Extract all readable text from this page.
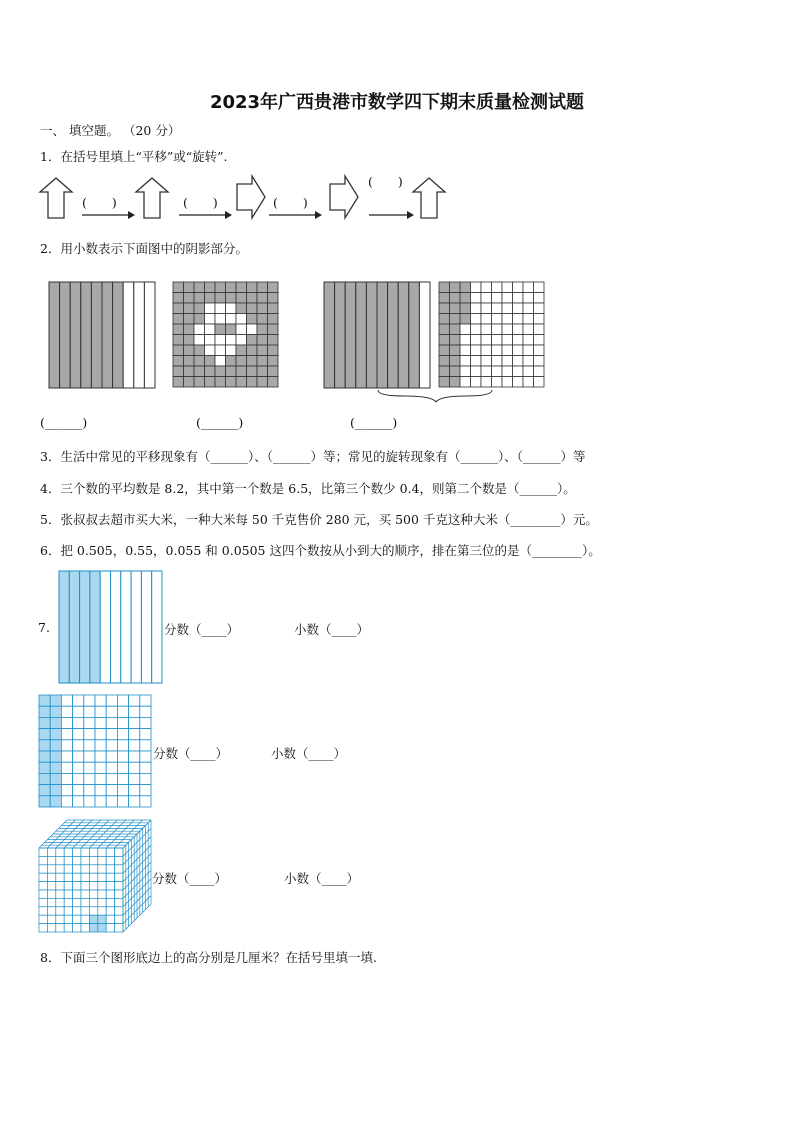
2023年广西贵港市数学四下期末质量检测试题
一、 填空题。 （20 分）
1．在括号里填上“平移”或“旋转”.
(　　)	(　　)	(　　)
(　　)
2．用小数表示下面图中的阴影部分。
(______)	(______)	(______)
3．生活中常见的平移现象有（______）、（______）等；常见的旋转现象有（______）、（______）等
4．三个数的平均数是 8.2，其中第一个数是 6.5，比第三个数少 0.4，则第二个数是（______）。
5．张叔叔去超市买大米，一种大米每 50 千克售价 280 元，买 500 千克这种大米（________）元。
6．把 0.505，0.55，0.055 和 0.0505 这四个数按从小到大的顺序，排在第三位的是（________）。
7.	分数（____）	小数（____）
分数（____）	小数（____）
分数（____）	小数（____）
8．下面三个图形底边上的高分别是几厘米？在括号里填一填.
